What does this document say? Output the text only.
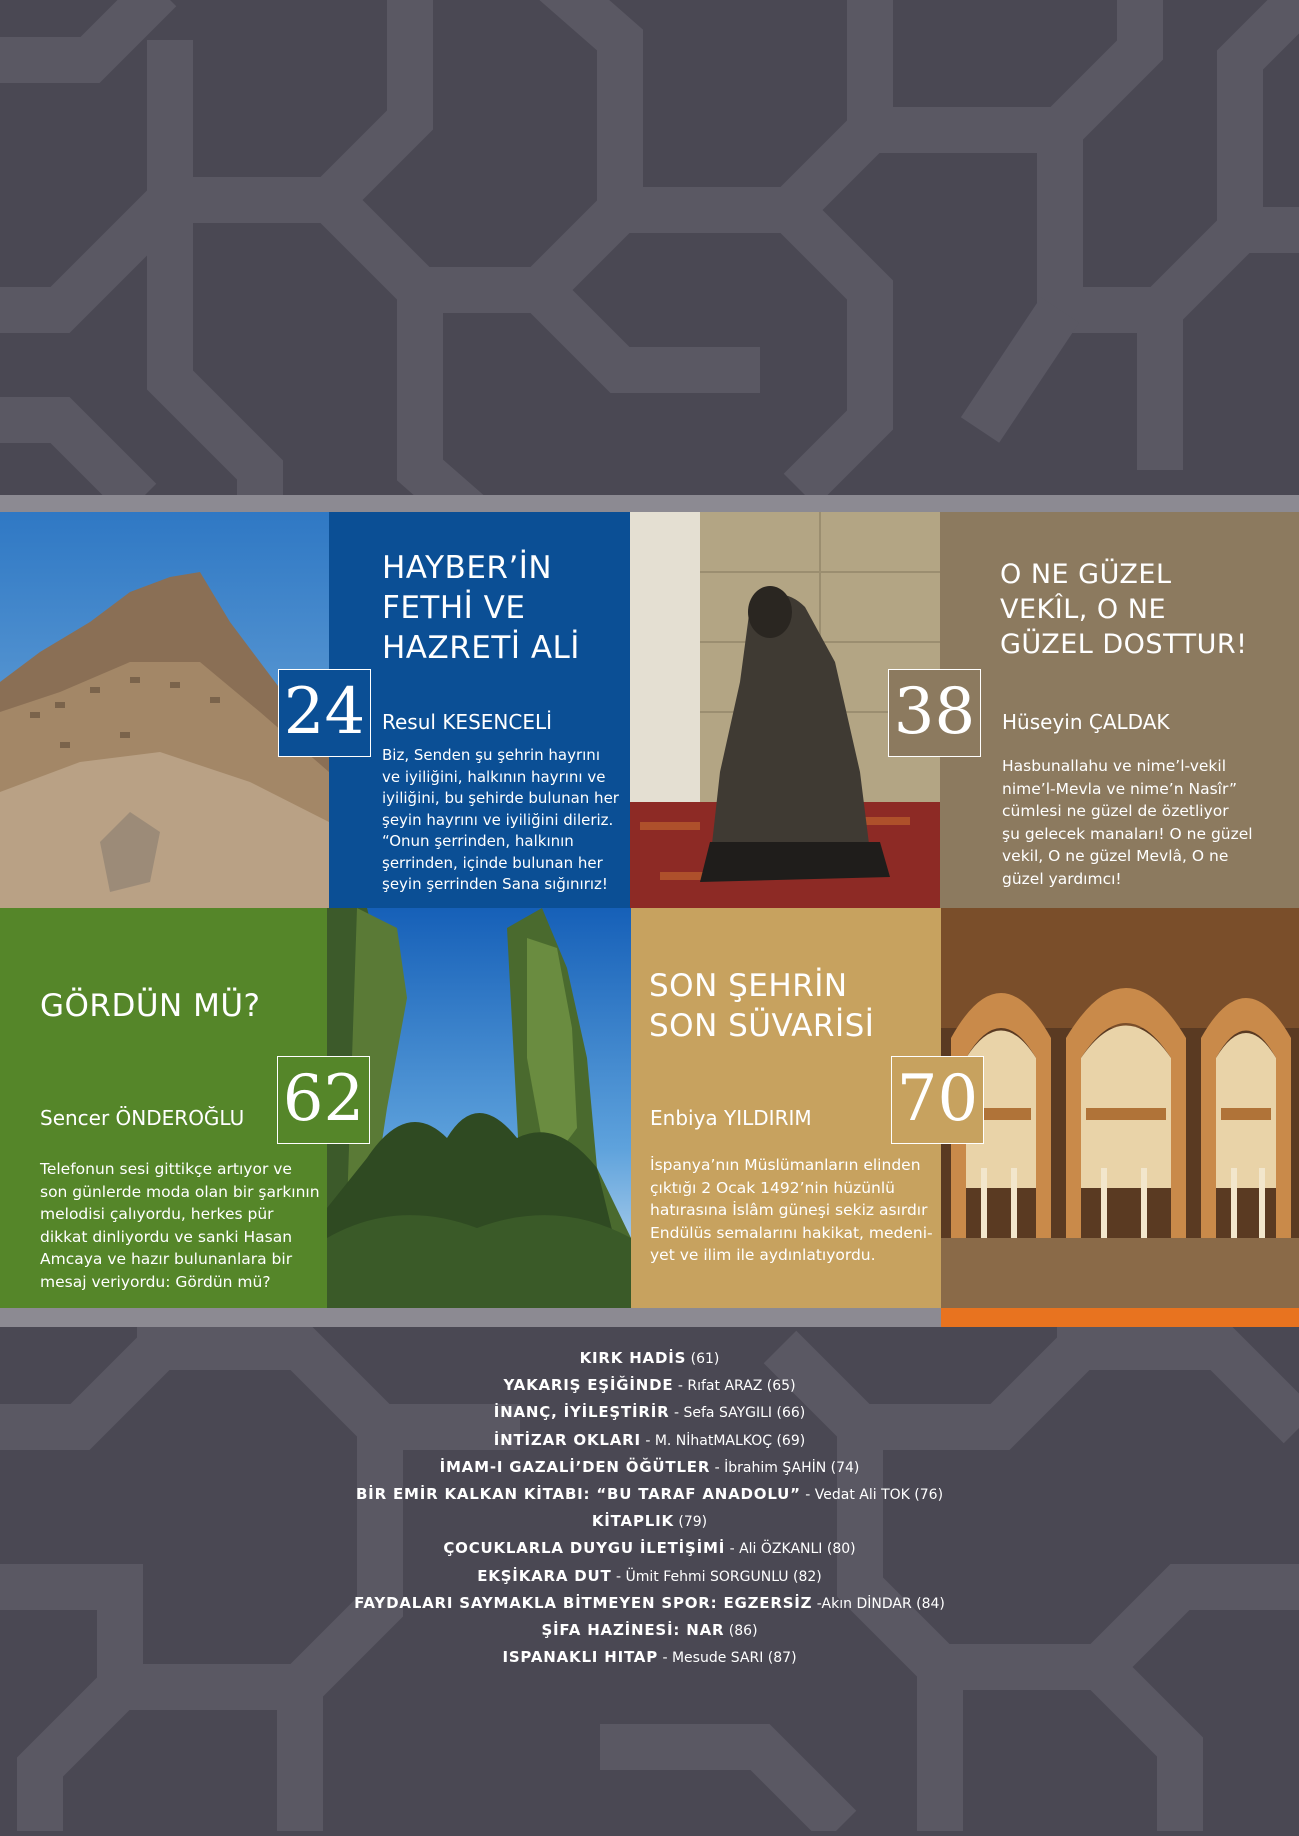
HAYBER’İN
FETHİ VE
HAZRETİ ALİ
Resul KESENCELİ
Biz, Senden şu şehrin hayrını
ve iyiliğini, halkının hayrını ve
iyiliğini, bu şehirde bulunan her
şeyin hayrını ve iyiliğini dileriz.
“Onun şerrinden, halkının
şerrinden, içinde bulunan her
şeyin şerrinden Sana sığınırız!
24
O NE GÜZEL
VEKÎL, O NE
GÜZEL DOSTTUR!
Hüseyin ÇALDAK
Hasbunallahu ve nime’l-vekil
nime’l-Mevla ve nime’n Nasîr”
cümlesi ne güzel de özetliyor
şu gelecek manaları! O ne güzel
vekil, O ne güzel Mevlâ, O ne
güzel yardımcı!
38
GÖRDÜN MÜ?
Sencer ÖNDEROĞLU
Telefonun sesi gittikçe artıyor ve
son günlerde moda olan bir şarkının
melodisi çalıyordu, herkes pür
dikkat dinliyordu ve sanki Hasan
Amcaya ve hazır bulunanlara bir
mesaj veriyordu: Gördün mü?
62
SON ŞEHRİN
SON SÜVARİSİ
Enbiya YILDIRIM
İspanya’nın Müslümanların elinden
çıktığı 2 Ocak 1492’nin hüzünlü
hatırasına İslâm güneşi sekiz asırdır
Endülüs semalarını hakikat, medeni-
yet ve ilim ile aydınlatıyordu.
70
KIRK HADİS (61)
YAKARIŞ EŞİĞİNDE - Rıfat ARAZ (65)
İNANÇ, İYİLEŞTİRİR - Sefa SAYGILI (66)
İNTİZAR OKLARI - M. NİhatMALKOÇ (69)
İMAM-I GAZALİ’DEN ÖĞÜTLER - İbrahim ŞAHİN (74)
BİR EMİR KALKAN KİTABI: “BU TARAF ANADOLU” - Vedat Ali TOK (76)
KİTAPLIK (79)
ÇOCUKLARLA DUYGU İLETİŞİMİ - Ali ÖZKANLI (80)
EKŞİKARA DUT - Ümit Fehmi SORGUNLU (82)
FAYDALARI SAYMAKLA BİTMEYEN SPOR: EGZERSİZ -Akın DİNDAR (84)
ŞİFA HAZİNESİ: NAR (86)
ISPANAKLI HITAP - Mesude SARI (87)
